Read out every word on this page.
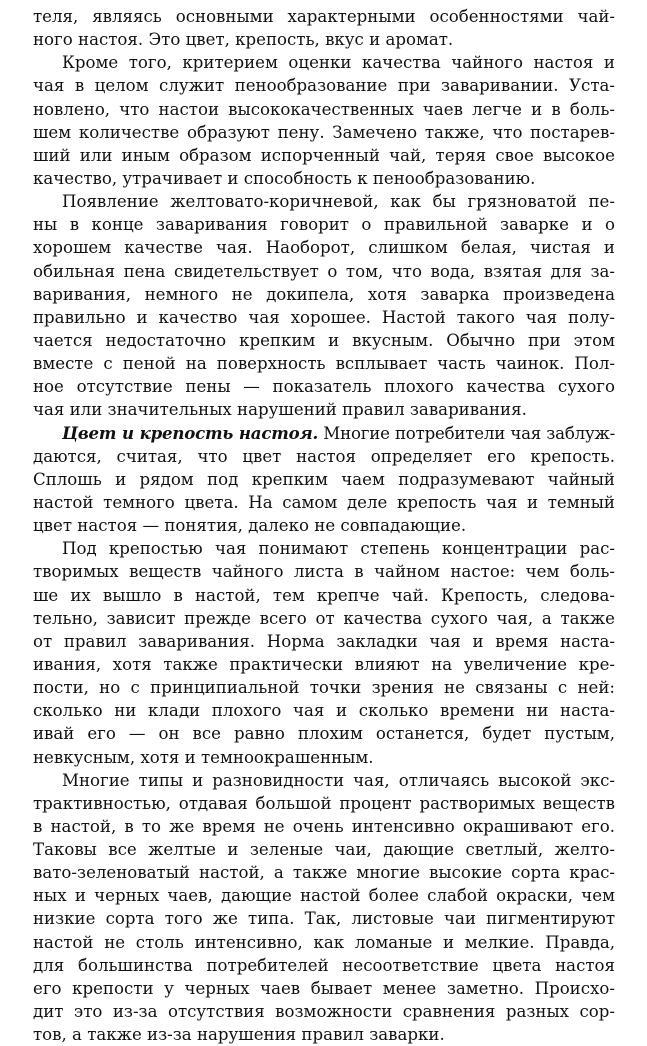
теля, являясь основными характерными особенностями чай-
ного настоя. Это цвет, крепость, вкус и аромат.
Кроме того, критерием оценки качества чайного настоя и
чая в целом служит пенообразование при заваривании. Уста-
новлено, что настои высококачественных чаев легче и в боль-
шем количестве образуют пену. Замечено также, что постарев-
ший или иным образом испорченный чай, теряя свое высокое
качество, утрачивает и способность к пенообразованию.
Появление желтовато-коричневой, как бы грязноватой пе-
ны в конце заваривания говорит о правильной заварке и о
хорошем качестве чая. Наоборот, слишком белая, чистая и
обильная пена свидетельствует о том, что вода, взятая для за-
варивания, немного не докипела, хотя заварка произведена
правильно и качество чая хорошее. Настой такого чая полу-
чается недостаточно крепким и вкусным. Обычно при этом
вместе с пеной на поверхность всплывает часть чаинок. Пол-
ное отсутствие пены — показатель плохого качества сухого
чая или значительных нарушений правил заваривания.
Цвет и крепость настоя. Многие потребители чая заблуж-
даются, считая, что цвет настоя определяет его крепость.
Сплошь и рядом под крепким чаем подразумевают чайный
настой темного цвета. На самом деле крепость чая и темный
цвет настоя — понятия, далеко не совпадающие.
Под крепостью чая понимают степень концентрации рас-
творимых веществ чайного листа в чайном настое: чем боль-
ше их вышло в настой, тем крепче чай. Крепость, следова-
тельно, зависит прежде всего от качества сухого чая, а также
от правил заваривания. Норма закладки чая и время наста-
ивания, хотя также практически влияют на увеличение кре-
пости, но с принципиальной точки зрения не связаны с ней:
сколько ни клади плохого чая и сколько времени ни наста-
ивай его — он все равно плохим останется, будет пустым,
невкусным, хотя и темноокрашенным.
Многие типы и разновидности чая, отличаясь высокой экс-
трактивностью, отдавая большой процент растворимых веществ
в настой, в то же время не очень интенсивно окрашивают его.
Таковы все желтые и зеленые чаи, дающие светлый, желто-
вато-зеленоватый настой, а также многие высокие сорта крас-
ных и черных чаев, дающие настой более слабой окраски, чем
низкие сорта того же типа. Так, листовые чаи пигментируют
настой не столь интенсивно, как ломаные и мелкие. Правда,
для большинства потребителей несоответствие цвета настоя
его крепости у черных чаев бывает менее заметно. Происхо-
дит это из-за отсутствия возможности сравнения разных сор-
тов, а также из-за нарушения правил заварки.
